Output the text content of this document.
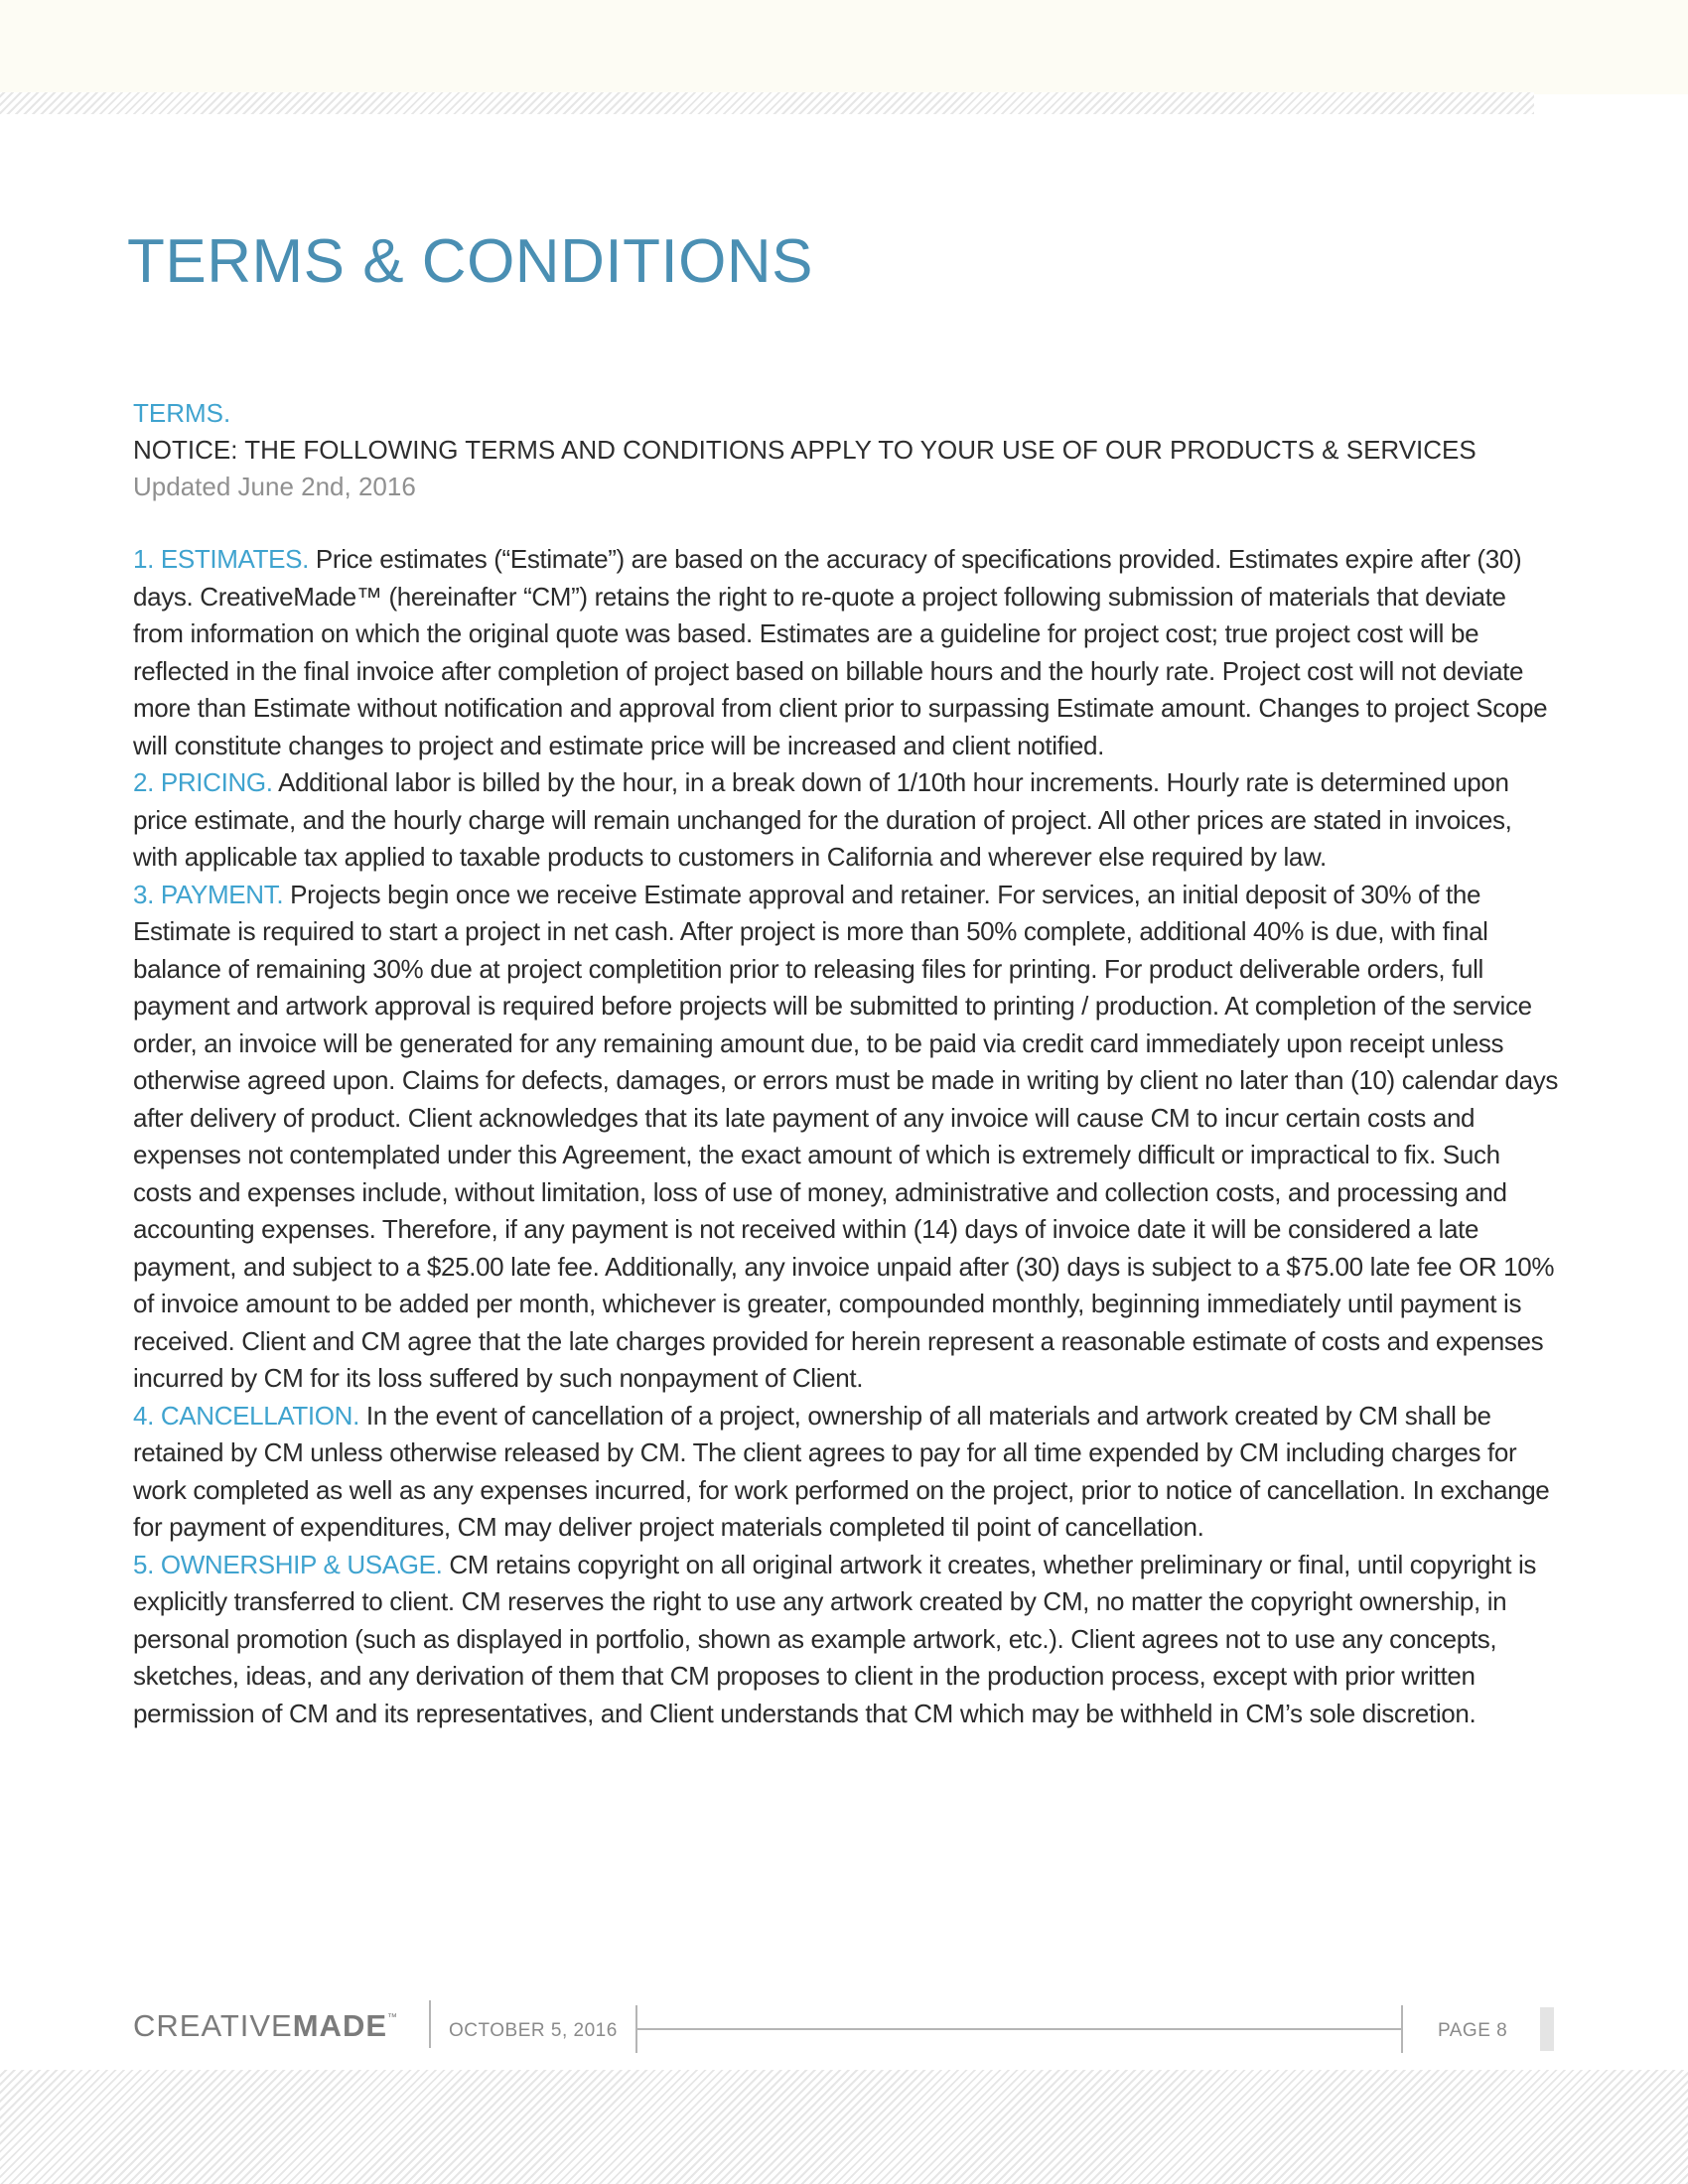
TERMS & CONDITIONS
TERMS.
NOTICE: THE FOLLOWING TERMS AND CONDITIONS APPLY TO YOUR USE OF OUR PRODUCTS & SERVICES
Updated June 2nd, 2016

1. ESTIMATES. Price estimates (“Estimate”) are based on the accuracy of specifications provided. Estimates expire after (30) days. CreativeMade™ (hereinafter “CM”) retains the right to re-quote a project following submission of materials that deviate from information on which the original quote was based. Estimates are a guideline for project cost; true project cost will be reflected in the final invoice after completion of project based on billable hours and the hourly rate. Project cost will not deviate more than Estimate without notification and approval from client prior to surpassing Estimate amount. Changes to project Scope will constitute changes to project and estimate price will be increased and client notified.

2. PRICING. Additional labor is billed by the hour, in a break down of 1/10th hour increments. Hourly rate is determined upon price estimate, and the hourly charge will remain unchanged for the duration of project. All other prices are stated in invoices, with applicable tax applied to taxable products to customers in California and wherever else required by law.

3. PAYMENT. Projects begin once we receive Estimate approval and retainer. For services, an initial deposit of 30% of the Estimate is required to start a project in net cash. After project is more than 50% complete, additional 40% is due, with final balance of remaining 30% due at project completition prior to releasing files for printing. For product deliverable orders, full payment and artwork approval is required before projects will be submitted to printing / production. At completion of the service order, an invoice will be generated for any remaining amount due, to be paid via credit card immediately upon receipt unless otherwise agreed upon. Claims for defects, damages, or errors must be made in writing by client no later than (10) calendar days after delivery of product. Client acknowledges that its late payment of any invoice will cause CM to incur certain costs and expenses not contemplated under this Agreement, the exact amount of which is extremely difficult or impractical to fix. Such costs and expenses include, without limitation, loss of use of money, administrative and collection costs, and processing and accounting expenses. Therefore, if any payment is not received within (14) days of invoice date it will be considered a late payment, and subject to a $25.00 late fee. Additionally, any invoice unpaid after (30) days is subject to a $75.00 late fee OR 10% of invoice amount to be added per month, whichever is greater, compounded monthly, beginning immediately until payment is received. Client and CM agree that the late charges provided for herein represent a reasonable estimate of costs and expenses incurred by CM for its loss suffered by such nonpayment of Client.

4. CANCELLATION. In the event of cancellation of a project, ownership of all materials and artwork created by CM shall be retained by CM unless otherwise released by CM. The client agrees to pay for all time expended by CM including charges for work completed as well as any expenses incurred, for work performed on the project, prior to notice of cancellation. In exchange for payment of expenditures, CM may deliver project materials completed til point of cancellation.

5. OWNERSHIP & USAGE. CM retains copyright on all original artwork it creates, whether preliminary or final, until copyright is explicitly transferred to client. CM reserves the right to use any artwork created by CM, no matter the copyright ownership, in personal promotion (such as displayed in portfolio, shown as example artwork, etc.). Client agrees not to use any concepts, sketches, ideas, and any derivation of them that CM proposes to client in the production process, except with prior written permission of CM and its representatives, and Client understands that CM which may be withheld in CM’s sole discretion.

CREATIVEMADE™
OCTOBER 5, 2016	PAGE 8
